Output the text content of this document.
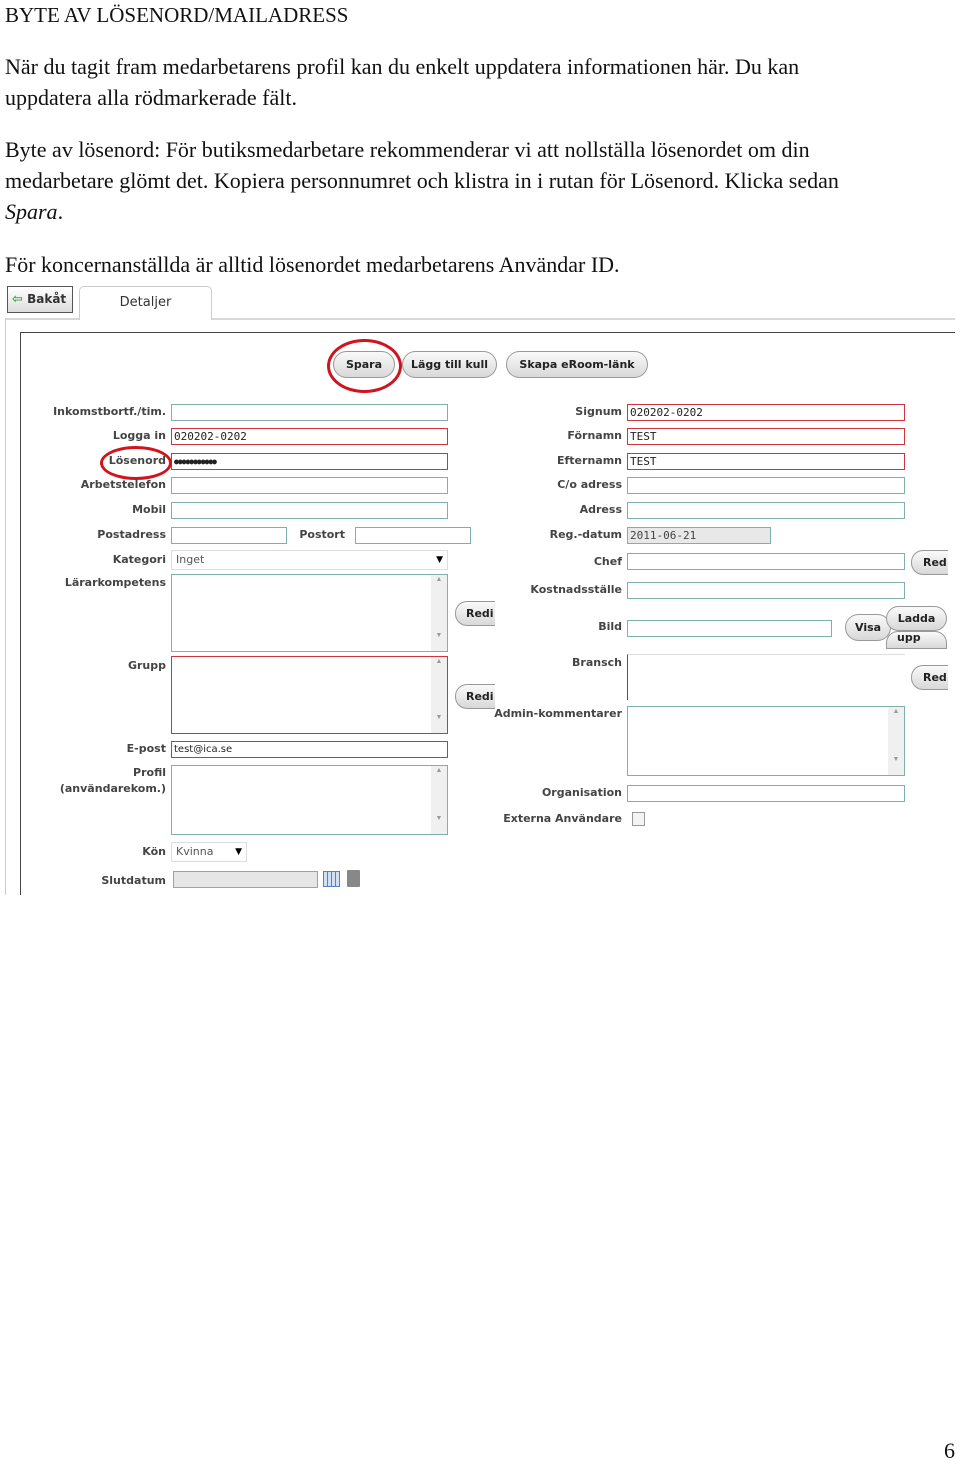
BYTE AV LÖSENORD/MAILADRESS
När du tagit fram medarbetarens profil kan du enkelt uppdatera informationen här. Du kan
uppdatera alla rödmarkerade fält.
Byte av lösenord: För butiksmedarbetare rekommenderar vi att nollställa lösenordet om din
medarbetare glömt det. Kopiera personnumret och klistra in i rutan för Lösenord. Klicka sedan
Spara.
För koncernanställda är alltid lösenordet medarbetarens Användar ID.
⇦ Bakåt	Detaljer
Spara	Lägg till kull	Skapa eRoom-länk
Inkomstbortf./tim.
Logga in 020202-0202
Lösenord	●●●●●●●●●●●
Arbetstelefon
Mobil
Postadress	Postort
Kategori Inget	▼
Lärarkompetens	▲

▼
Redi
Grupp	▲

▼
Redi
E-post test@ica.se
Profil
(användarekom.)
▲

▼
Kön Kvinna ▼
Slutdatum
Signum 020202-0202
Förnamn TEST
Efternamn TEST
C/o adress
Adress
Reg.-datum 2011-06-21
Chef	Red
Kostnadsställe
Bild	Visa
Ladda
upp
Bransch
Red
Admin-kommentarer	▲

▼
Organisation
Externa Användare
6
